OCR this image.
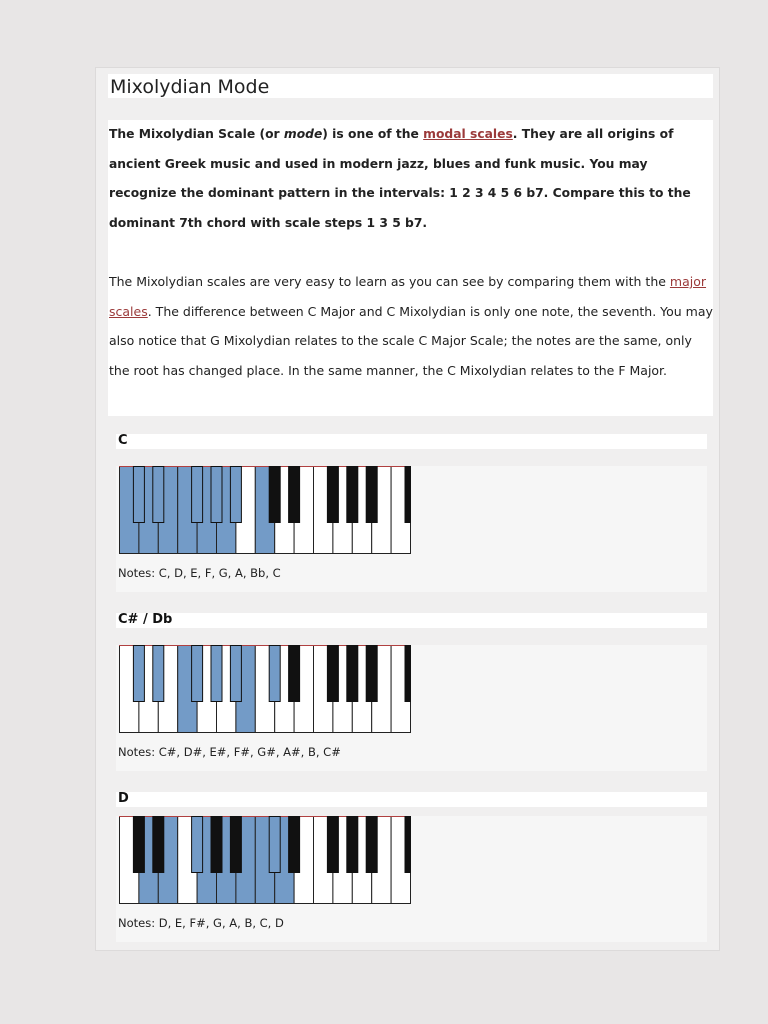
Mixolydian Mode

The Mixolydian Scale (or mode) is one of the modal scales. They are all origins of ancient Greek music and used in modern jazz, blues and funk music. You may recognize the dominant pattern in the intervals: 1 2 3 4 5 6 b7. Compare this to the dominant 7th chord with scale steps 1 3 5 b7.

The Mixolydian scales are very easy to learn as you can see by comparing them with the major scales. The difference between C Major and C Mixolydian is only one note, the seventh. You may also notice that G Mixolydian relates to the scale C Major Scale; the notes are the same, only the root has changed place. In the same manner, the C Mixolydian relates to the F Major.

C

Notes: C, D, E, F, G, A, Bb, C

C# / Db

Notes: C#, D#, E#, F#, G#, A#, B, C#

D

Notes: D, E, F#, G, A, B, C, D
